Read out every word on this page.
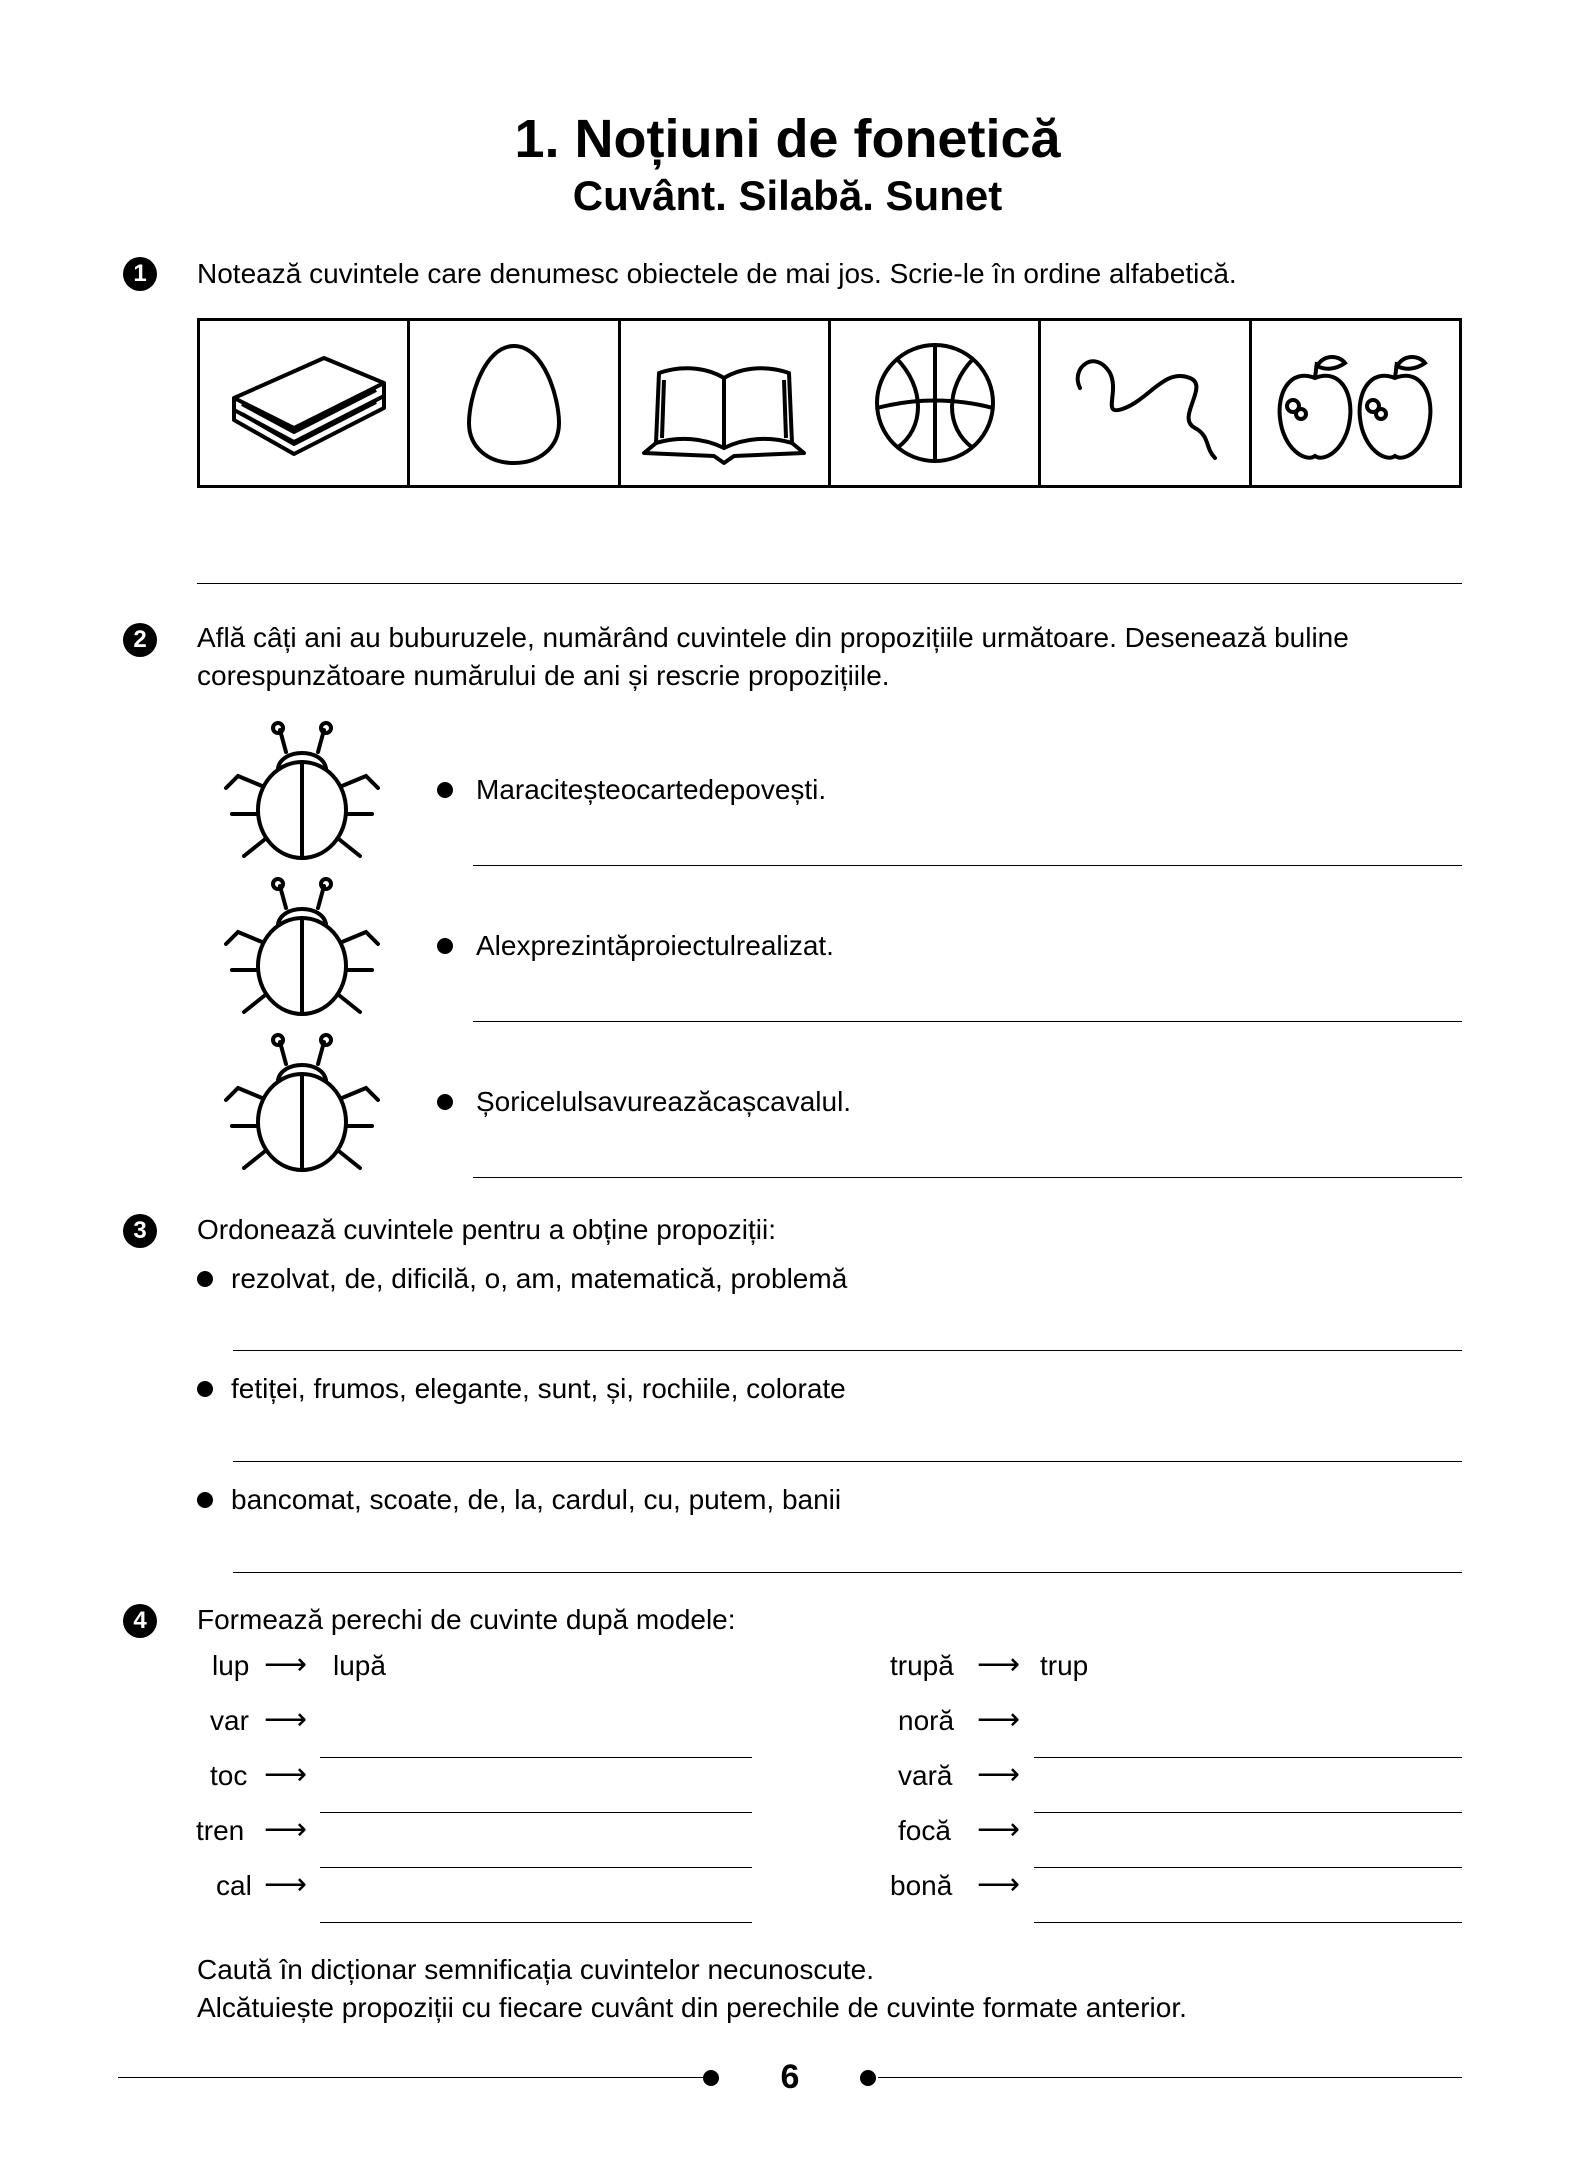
1. Noțiuni de fonetică
Cuvânt. Silabă. Sunet
1	Notează cuvintele care denumesc obiectele de mai jos. Scrie-le în ordine alfabetică.
2	Află câți ani au buburuzele, numărând cuvintele din propozițiile următoare. Desenează buline
corespunzătoare numărului de ani și rescrie propozițiile.
Maraciteșteocartedepovești.
Alexprezintăproiectulrealizat.
Șoricelulsavureazăcașcavalul.
3	Ordonează cuvintele pentru a obține propoziții:
rezolvat, de, dificilă, o, am, matematică, problemă
fetiței, frumos, elegante, sunt, și, rochiile, colorate
bancomat, scoate, de, la, cardul, cu, putem, banii
4	Formează perechi de cuvinte după modele:
lup ⟶ lupă
var ⟶
toc ⟶
tren ⟶
cal ⟶
trupă ⟶ trup
noră ⟶
vară ⟶
focă ⟶
bonă ⟶
Caută în dicționar semnificația cuvintelor necunoscute.
Alcătuiește propoziții cu fiecare cuvânt din perechile de cuvinte formate anterior.
6
